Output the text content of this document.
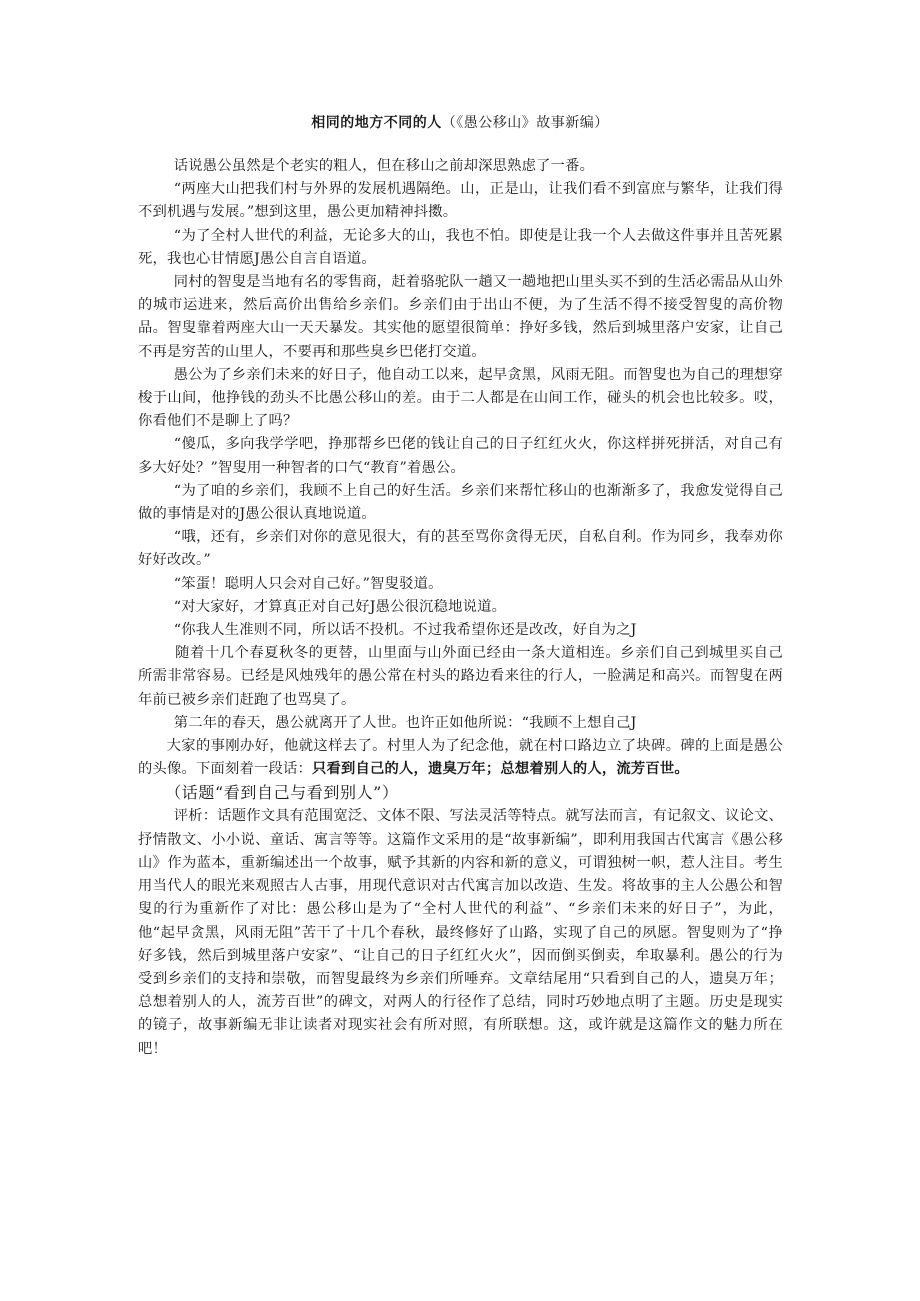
相同的地方不同的人（《愚公移山》故事新编）

话说愚公虽然是个老实的粗人，但在移山之前却深思熟虑了一番。

“两座大山把我们村与外界的发展机遇隔绝。山，正是山，让我们看不到富庶与繁华，让我们得不到机遇与发展。”想到这里，愚公更加精神抖擞。

“为了全村人世代的利益，无论多大的山，我也不怕。即使是让我一个人去做这件事并且苦死累死，我也心甘情愿J愚公自言自语道。

同村的智叟是当地有名的零售商，赶着骆驼队一趟又一趟地把山里头买不到的生活必需品从山外的城市运进来，然后高价出售给乡亲们。乡亲们由于出山不便，为了生活不得不接受智叟的高价物品。智叟靠着两座大山一天天暴发。其实他的愿望很简单：挣好多钱，然后到城里落户安家，让自己不再是穷苦的山里人，不要再和那些臭乡巴佬打交道。

愚公为了乡亲们未来的好日子，他自动工以来，起早贪黑，风雨无阻。而智叟也为自己的理想穿梭于山间，他挣钱的劲头不比愚公移山的差。由于二人都是在山间工作，碰头的机会也比较多。哎，你看他们不是聊上了吗？

“傻瓜，多向我学学吧，挣那帮乡巴佬的钱让自己的日子红红火火，你这样拼死拼活，对自己有多大好处？”智叟用一种智者的口气“教育”着愚公。

“为了咱的乡亲们，我顾不上自己的好生活。乡亲们来帮忙移山的也渐渐多了，我愈发觉得自己做的事情是对的J愚公很认真地说道。

“哦，还有，乡亲们对你的意见很大，有的甚至骂你贪得无厌，自私自利。作为同乡，我奉劝你好好改改。”

“笨蛋！聪明人只会对自己好。”智叟驳道。

“对大家好，才算真正对自己好J愚公很沉稳地说道。

“你我人生准则不同，所以话不投机。不过我希望你还是改改，好自为之J

随着十几个春夏秋冬的更替，山里面与山外面已经由一条大道相连。乡亲们自己到城里买自己所需非常容易。已经是风烛残年的愚公常在村头的路边看来往的行人，一脸满足和高兴。而智叟在两年前已被乡亲们赶跑了也骂臭了。

第二年的春天，愚公就离开了人世。也许正如他所说：“我顾不上想自己J

大家的事刚办好，他就这样去了。村里人为了纪念他，就在村口路边立了块碑。碑的上面是愚公的头像。下面刻着一段话：只看到自己的人，遗臭万年；总想着别人的人，流芳百世。

（话题“看到自己与看到别人”）

评析：话题作文具有范围宽泛、文体不限、写法灵活等特点。就写法而言，有记叙文、议论文、抒情散文、小小说、童话、寓言等等。这篇作文采用的是“故事新编”，即利用我国古代寓言《愚公移山》作为蓝本，重新编述出一个故事，赋予其新的内容和新的意义，可谓独树一帜，惹人注目。考生用当代人的眼光来观照古人古事，用现代意识对古代寓言加以改造、生发。将故事的主人公愚公和智叟的行为重新作了对比：愚公移山是为了“全村人世代的利益”、“乡亲们未来的好日子”，为此，他“起早贪黑，风雨无阻”苦干了十几个春秋，最终修好了山路，实现了自己的夙愿。智叟则为了“挣好多钱，然后到城里落户安家”、“让自己的日子红红火火”，因而倒买倒卖，牟取暴利。愚公的行为受到乡亲们的支持和崇敬，而智叟最终为乡亲们所唾弃。文章结尾用“只看到自己的人，遗臭万年；总想着别人的人，流芳百世”的碑文，对两人的行径作了总结，同时巧妙地点明了主题。历史是现实的镜子，故事新编无非让读者对现实社会有所对照，有所联想。这，或许就是这篇作文的魅力所在吧！
